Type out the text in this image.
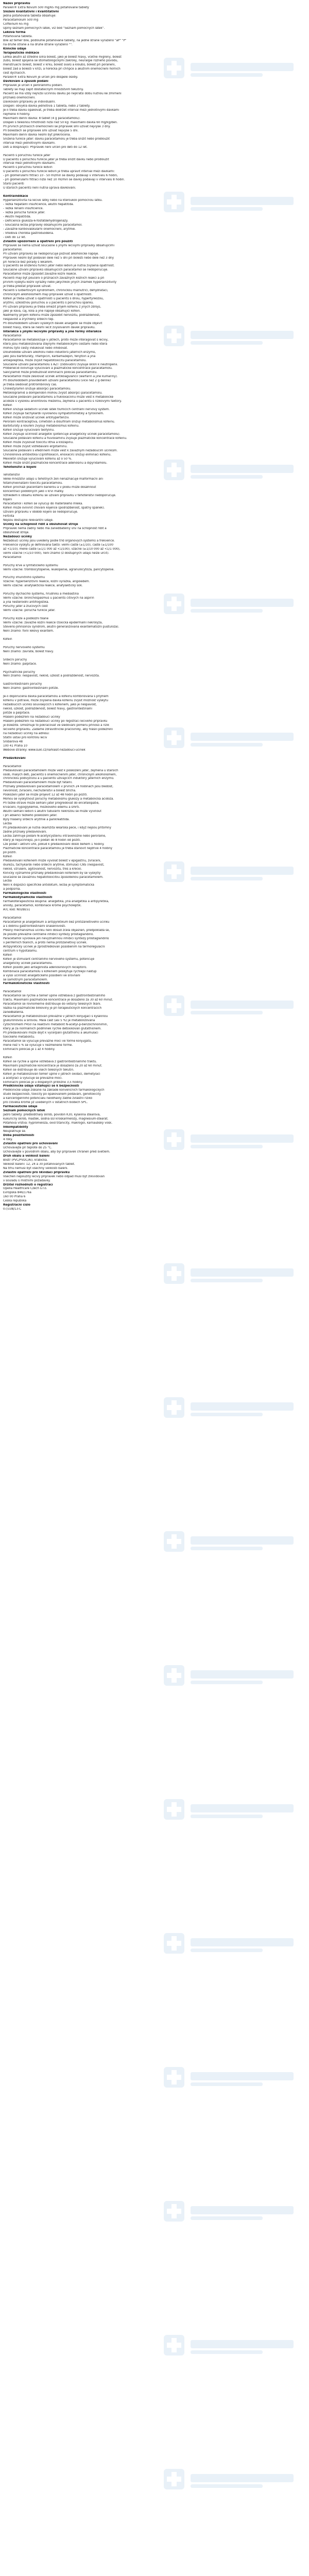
Název přípravku
Paralen® Extra Novum 500 mg/65 mg potahované tablety
Složení kvalitativní i kvantitativní
Jedna potahovaná tableta obsahuje:
Paracetamolum 500 mg
Coffeinum 65 mg
Úplný seznam pomocných látek, viz bod "Seznam pomocných látek".
Léková forma
Potahovaná tableta.
Bílé až téměř bílé, podlouhlé potahované tablety, na jedné straně vyraženo "aP" "P"
na druhé straně a na druhé straně vyraženo "".
Klinické údaje
Terapeutické indikace
Lehká akutní až středně silná bolest, jako je bolest hlavy, včetně migrény, bolest
zubů, bolest spojená se stomatologickými zákroky, neuralgie různého původu,
menstruační bolest, bolest v krku, bolest svalů a kloubů, bolest při poranění,
bolest zad a bolesti v kříži, a horečka při chřipce a akutním onemocnění horních
cest dýchacích.
Paralen® Extra Novum je určen pro dospělé osoby.
Dávkování a způsob podání
Přípravek je určen k perorálnímu podání.
Tablety se mají zapít dostatečným množstvím tekutiny.
Pacient se má vždy nejnižší účinnou dávku po nejkratší dobu nutnou ke zmírnění
příznaků onemocnění.
Dávkování přípravku je individuální.
Dospělí: obvyklá dávka jednotlivá 1 tableta, nebo 2 tablety.
Je-li třeba dávku opakovat, je třeba dodržet interval mezi jednotlivými dávkami
nejméně 4 hodiny.
Maximální denní dávka: 8 tablet (4 g paracetamolu).
Dospělí s tělesnou hmotností nižší než 50 kg: maximální dávka 60 mg/kg/den.
Při prvních příznacích onemocnění se přípravek smí užívat nejvýše 3 dny.
Při bolestech se přípravek smí užívat nejvýše 5 dní.
Maximální denní dávka nesmí být překročena.
Snížená funkce jater: dávku paracetamolu je třeba snížit nebo prodloužit
interval mezi jednotlivými dávkami.
Děti a dospívající: Přípravek není určen pro děti do 12 let.
Pacienti s poruchou funkce jater
U pacientů s poruchou funkce jater je třeba snížit dávku nebo prodloužit
interval mezi jednotlivými dávkami.
Pacienti s poruchou funkce ledvin
U pacientů s poruchou funkce ledvin je třeba upravit interval mezi dávkami:
- při glomerulární filtraci 10 - 50 ml/min se dávky podávají v intervalu 6 hodin,
- při glomerulární filtraci nižší než 10 ml/min se dávky podávají v intervalu 8 hodin.
Starší pacienti
U starších pacientů není nutná úprava dávkování.
Kontraindikace
Hypersenzitivita na léčivé látky nebo na kteroukoli pomocnou látku.
- Těžká hepatální insuficience, akutní hepatitida.
- Těžká renální insuficience.
- Těžká porucha funkce jater.
- Akutní hepatitida.
- Deficience glukóza-6-fosfátdehydrogenázy.
- Současná léčba přípravky obsahujícími paracetamol.
- Závažné kardiovaskulární onemocnění, arytmie.
- Vředová choroba gastroduodena.
- Děti do 12 let.
Zvláštní upozornění a opatření pro použití
Přípravek se nemá užívat současně s jinými léčivými přípravky obsahujícími
paracetamol.
Při užívání přípravku se nedoporučuje požívat alkoholické nápoje.
Přípravek nesmí být podáván déle než 5 dní při bolesti nebo déle než 3 dny
při horečce bez porady s lékařem.
U pacientů se sníženou funkcí jater nebo ledvin je nutná zvýšená opatrnost.
Současné užívání přípravků obsahujících paracetamol se nedoporučuje.
Paracetamol může způsobit závažné kožní reakce.
Pacienti mají být poučeni o příznacích závažných kožních reakcí a při
prvním výskytu kožní vyrážky nebo jakýchkoli jiných známek hypersenzitivity
je třeba přestat přípravek užívat.
Pacienti s Gilbertovým syndromem, chronickou malnutricí, dehydratací,
chronickým alkoholismem mají přípravek užívat s opatrností.
Kofein je třeba užívat s opatrností u pacientů s dnou, hypertyreózou,
arytmií, úzkostnou poruchou a u pacientů s poruchou spánku.
Při užívání přípravku je třeba omezit příjem kofeinu z jiných zdrojů,
jako je káva, čaj, kola a jiné nápoje obsahující kofein.
Nadměrný příjem kofeinu může způsobit nervozitu, podrážděnost,
nespavost a zrychlený srdeční tep.
Při dlouhodobém užívání vysokých dávek analgetik se může objevit
bolest hlavy, která se nesmí léčit zvyšováním dávek přípravku.
Interakce s jinými léčivými přípravky a jiné formy interakce
Paracetamol
Paracetamol se metabolizuje v játrech, proto může interagovat s léčivy,
která jsou metabolizována stejnými metabolickými cestami nebo která
mohou tyto cesty indukovat nebo inhibovat.
Dlouhodobé užívání alkoholu nebo induktorů jaterních enzymů,
jako jsou barbituráty, rifampicin, karbamazepin, fenytoin a jiná
antiepileptika, může zvýšit hepatotoxicitu paracetamolu.
Současné užívání paracetamolu s AZT (zidovudin) zvyšuje sklon k neutropenii.
Probenecid ovlivňuje vylučování a plazmatické koncentrace paracetamolu.
Salicylamid může prodlužovat eliminační poločas paracetamolu.
Paracetamol může zesilovat účinek antikoagulancií (warfarin a jiné kumariny).
Při dlouhodobém pravidelném užívání paracetamolu (více než 2 g denně)
je třeba sledovat protrombinový čas.
Cholestyramin snižuje absorpci paracetamolu.
Metoklopramid a domperidon mohou zvýšit absorpci paracetamolu.
Současné podávání paracetamolu a flukloxacilinu může vést k metabolické
acidóze s vysokou aniontovou mezerou, zejména u pacientů s rizikovými faktory.
Kofein
Kofein snižuje sedativní účinek látek tlumících centrální nervový systém.
Kofein zvyšuje tachykardii vyvolanou sympatomimetiky a tyroxinem.
Kofein může snižovat účinek antihypertenziv.
Perorální kontraceptiva, cimetidin a disulfiram snižují metabolismus kofeinu.
Barbituráty a kouření zvyšují metabolismus kofeinu.
Kofein snižuje vylučování teofylinu.
Kofein zvyšuje účinnost analgetik (potencuje analgetický účinek paracetamolu).
Současné podávání kofeinu a fluvoxaminu zvyšuje plazmatické koncentrace kofeinu.
Kofein může zvyšovat toxicitu lithia a klozapinu.
Kofein může zvýšit vstřebávání ergotaminu.
Současné podávání s efedrinem může vést k závažným nežádoucím účinkům.
Chinolonová antibiotika (ciprofloxacin, enoxacin) snižují eliminaci kofeinu.
Mexiletin snižuje vylučování kofeinu až o 50 %.
Kofein může snížit plazmatické koncentrace adenosinu a dipyridamolu.
Těhotenství a kojení
Těhotenství
Velké množství údajů u těhotných žen nenaznačuje malformační ani
fetální/neonatální toxicitu paracetamolu.
Kofein prochází placentární bariérou a v plodu může dosáhnout
koncentrací podobných jako v krvi matky.
Vzhledem k obsahu kofeinu se užívání přípravku v těhotenství nedoporučuje.
Kojení
Paracetamol i kofein se vylučují do mateřského mléka.
Kofein může ovlivnit chování kojence (podrážděnost, špatný spánek).
Užívání přípravku v období kojení se nedoporučuje.
Fertilita
Nejsou dostupné relevantní údaje.
Účinky na schopnost řídit a obsluhovat stroje
Přípravek nemá žádný nebo má zanedbatelný vliv na schopnost řídit a
obsluhovat stroje.
Nežádoucí účinky
Nežádoucí účinky jsou uvedeny podle tříd orgánových systémů a frekvence.
Frekvence výskytu je definována takto: velmi časté (≥1/10), časté (≥1/100
až <1/10), méně časté (≥1/1 000 až <1/100), vzácné (≥1/10 000 až <1/1 000),
velmi vzácné (<1/10 000), není známo (z dostupných údajů nelze určit).
Paracetamol
Poruchy krve a lymfatického systému
Velmi vzácné: trombocytopenie, leukopenie, agranulocytóza, pancytopenie.
Poruchy imunitního systému
Vzácné: hypersenzitivní reakce, kožní vyrážka, angioedém.
Velmi vzácné: anafylaktická reakce, anafylaktický šok.
Poruchy dýchacího systému, hrudníku a mediastina
Velmi vzácné: bronchospasmus u pacientů citlivých na aspirin
a jiná nesteroidní antiflogistika.
Poruchy jater a žlučových cest
Velmi vzácné: porucha funkce jater.
Poruchy kůže a podkožní tkáně
Velmi vzácné: závažné kožní reakce (toxická epidermální nekrolýza,
Stevens-Johnsonův syndrom, akutní generalizovaná exantematózní pustulóza).
Není známo: fixní lékový exantém.
Kofein
Poruchy nervového systému
Není známo: závratě, bolest hlavy.
Srdeční poruchy
Není známo: palpitace.
Psychiatrické poruchy
Není známo: nespavost, neklid, úzkost a podrážděnost, nervozita.
Gastrointestinální poruchy
Není známo: gastrointestinální potíže.
Je-li doporučená dávka paracetamolu a kofeinu kombinována s příjmem
kofeinu v potravě, může zvýšená dávka kofeinu zvýšit možnost výskytu
nežádoucích účinků souvisejících s kofeinem, jako je nespavost,
neklid, úzkost, podrážděnost, bolest hlavy, gastrointestinální
potíže a palpitace.
Hlášení podezření na nežádoucí účinky
Hlášení podezření na nežádoucí účinky po registraci léčivého přípravku
je důležité. Umožňuje to pokračovat ve sledování poměru přínosů a rizik
léčivého přípravku. Žádáme zdravotnické pracovníky, aby hlásili podezření
na nežádoucí účinky na adresu:
Státní ústav pro kontrolu léčiv
Šrobárova 48
100 41 Praha 10
Webové stránky: www.sukl.cz/nahlasit-nezadouci-ucinek
Předávkování
Paracetamol
Předávkování paracetamolem může vést k poškození jater, zejména u starších
osob, malých dětí, pacientů s onemocněním jater, chronickým alkoholismem,
chronickou podvýživou a u pacientů užívajících induktory jaterních enzymů.
Předávkování paracetamolem může být fatální.
Příznaky předávkování paracetamolem v prvních 24 hodinách jsou bledost,
nevolnost, zvracení, nechutenství a bolest břicha.
Poškození jater se může projevit 12 až 48 hodin po požití.
Mohou se vyskytnout poruchy metabolismu glukózy a metabolická acidóza.
Při těžké otravě může selhání jater progredovat do encefalopatie,
krvácení, hypoglykémie, mozkového edému a smrti.
Akutní selhání ledvin s akutní tubulární nekrózou se může vyvinout
i při absenci těžkého poškození jater.
Byly hlášeny srdeční arytmie a pankreatitida.
Léčba
Při předávkování je nutná okamžitá lékařská péče, i když nejsou přítomny
žádné příznaky předávkování.
Léčba zahrnuje podání N-acetylcysteinu intravenózně nebo perorálně,
který je nejúčinnější, je-li podán do 8 hodin od požití.
Lze podat i aktivní uhlí, pokud k předávkování došlo během 1 hodiny.
Plazmatické koncentrace paracetamolu je třeba stanovit nejdříve 4 hodiny
po požití.
Kofein
Předávkování kofeinem může vyvolat bolest v epigastriu, zvracení,
diurézu, tachykardii nebo srdeční arytmie, stimulaci CNS (nespavost,
neklid, vzrušení, agitovanost, nervozitu, třes a křeče).
Klinicky významné příznaky předávkování kofeinem by se vyskytly
současně se závažnou hepatotoxicitou způsobenou paracetamolem.
Léčba
Není k dispozici specifické antidotum, léčba je symptomatická
a podpůrná.
Farmakologické vlastnosti
Farmakodynamické vlastnosti
Farmakoterapeutická skupina: analgetika, jiná analgetika a antipyretika,
anilidy, paracetamol, kombinace kromě psycholeptik.
ATC kód: N02BE51
Paracetamol
Paracetamol je analgetikum a antipyretikum bez protizánětlivého účinku
a s dobrou gastrointestinální snášenlivostí.
Přesný mechanismus účinku není dosud zcela objasněn, předpokládá se,
že působí převážně centrálně inhibicí syntézy prostaglandinů.
Paracetamol vyvolává jen nevýznamnou inhibici syntézy prostaglandinů
v periferních tkáních, a proto nemá protizánětlivý účinek.
Antipyretický účinek je zprostředkován působením na termoregulační
centrum v hypotalamu.
Kofein
Kofein je stimulant centrálního nervového systému, potencuje
analgetický účinek paracetamolu.
Kofein působí jako antagonista adenosinových receptorů.
Kombinace paracetamolu s kofeinem poskytuje rychlejší nástup
a vyšší účinnost analgetického působení ve srovnání
se samotným paracetamolem.
Farmakokinetické vlastnosti
Paracetamol
Paracetamol se rychle a téměř úplně vstřebává z gastrointestinálního
traktu. Maximální plazmatické koncentrace je dosaženo za 30 až 60 minut.
Paracetamol se rovnoměrně distribuuje do většiny tělesných tkání.
Vazba na plazmatické bílkoviny je při terapeutických koncentracích
zanedbatelná.
Paracetamol je metabolizován převážně v játrech konjugací s kyselinou
glukuronovou a sírovou. Malá část (asi 5 %) je metabolizována
cytochromem P450 na reaktivní metabolit N-acetyl-p-benzochinonimin,
který je za normálních podmínek rychle detoxikován glutathionem.
Při předávkování může dojít k vyčerpání glutathionu a akumulaci
toxického metabolitu.
Paracetamol se vylučuje převážně močí ve formě konjugátů,
méně než 5 % se vylučuje v nezměněné formě.
Eliminační poločas je 1 až 4 hodiny.
Kofein
Kofein se rychle a úplně vstřebává z gastrointestinálního traktu.
Maximální plazmatické koncentrace je dosaženo za 20 až 60 minut.
Kofein se distribuuje do všech tělesných tekutin.
Kofein je metabolizován téměř úplně v játrech oxidací, demetylací
a acetylací a vylučuje se převážně močí.
Eliminační poločas je u dospělých přibližně 3,5 hodiny.
Předklinické údaje vztahující se k bezpečnosti
Předklinické údaje získané na základě konvenčních farmakologických
studií bezpečnosti, toxicity po opakovaném podávání, genotoxicity
a kancerogenního potenciálu neodhalily žádné zvláštní riziko
pro člověka kromě již uvedených v ostatních bodech SPC.
Farmaceutické údaje
Seznam pomocných látek
Jádro tablety: předbobtnalý škrob, povidon K30, kyselina stearová,
kukuřičný škrob, mastek, sodná sůl kroskarmelózy, magnesium-stearát.
Potahová vrstva: hypromelóza, oxid titaničitý, makrogol, karnaubský vosk.
Inkompatibility
Neuplatňuje se.
Doba použitelnosti
4 roky.
Zvláštní opatření pro uchovávání
Uchovávejte při teplotě do 25 °C.
Uchovávejte v původním obalu, aby byl přípravek chráněn před světlem.
Druh obalu a velikost balení
Blistr (PVC/PVDC/Al), krabička.
Velikost balení: 12, 24 a 30 potahovaných tablet.
Na trhu nemusí být všechny velikosti balení.
Zvláštní opatření pro likvidaci přípravku
Všechen nepoužitý léčivý přípravek nebo odpad musí být zlikvidován
v souladu s místními požadavky.
Držitel rozhodnutí o registraci
Opella Healthcare Czech s.r.o.
Evropská 846/176a
160 00 Praha 6
Česká republika
Registrační číslo
07/338/13-C
